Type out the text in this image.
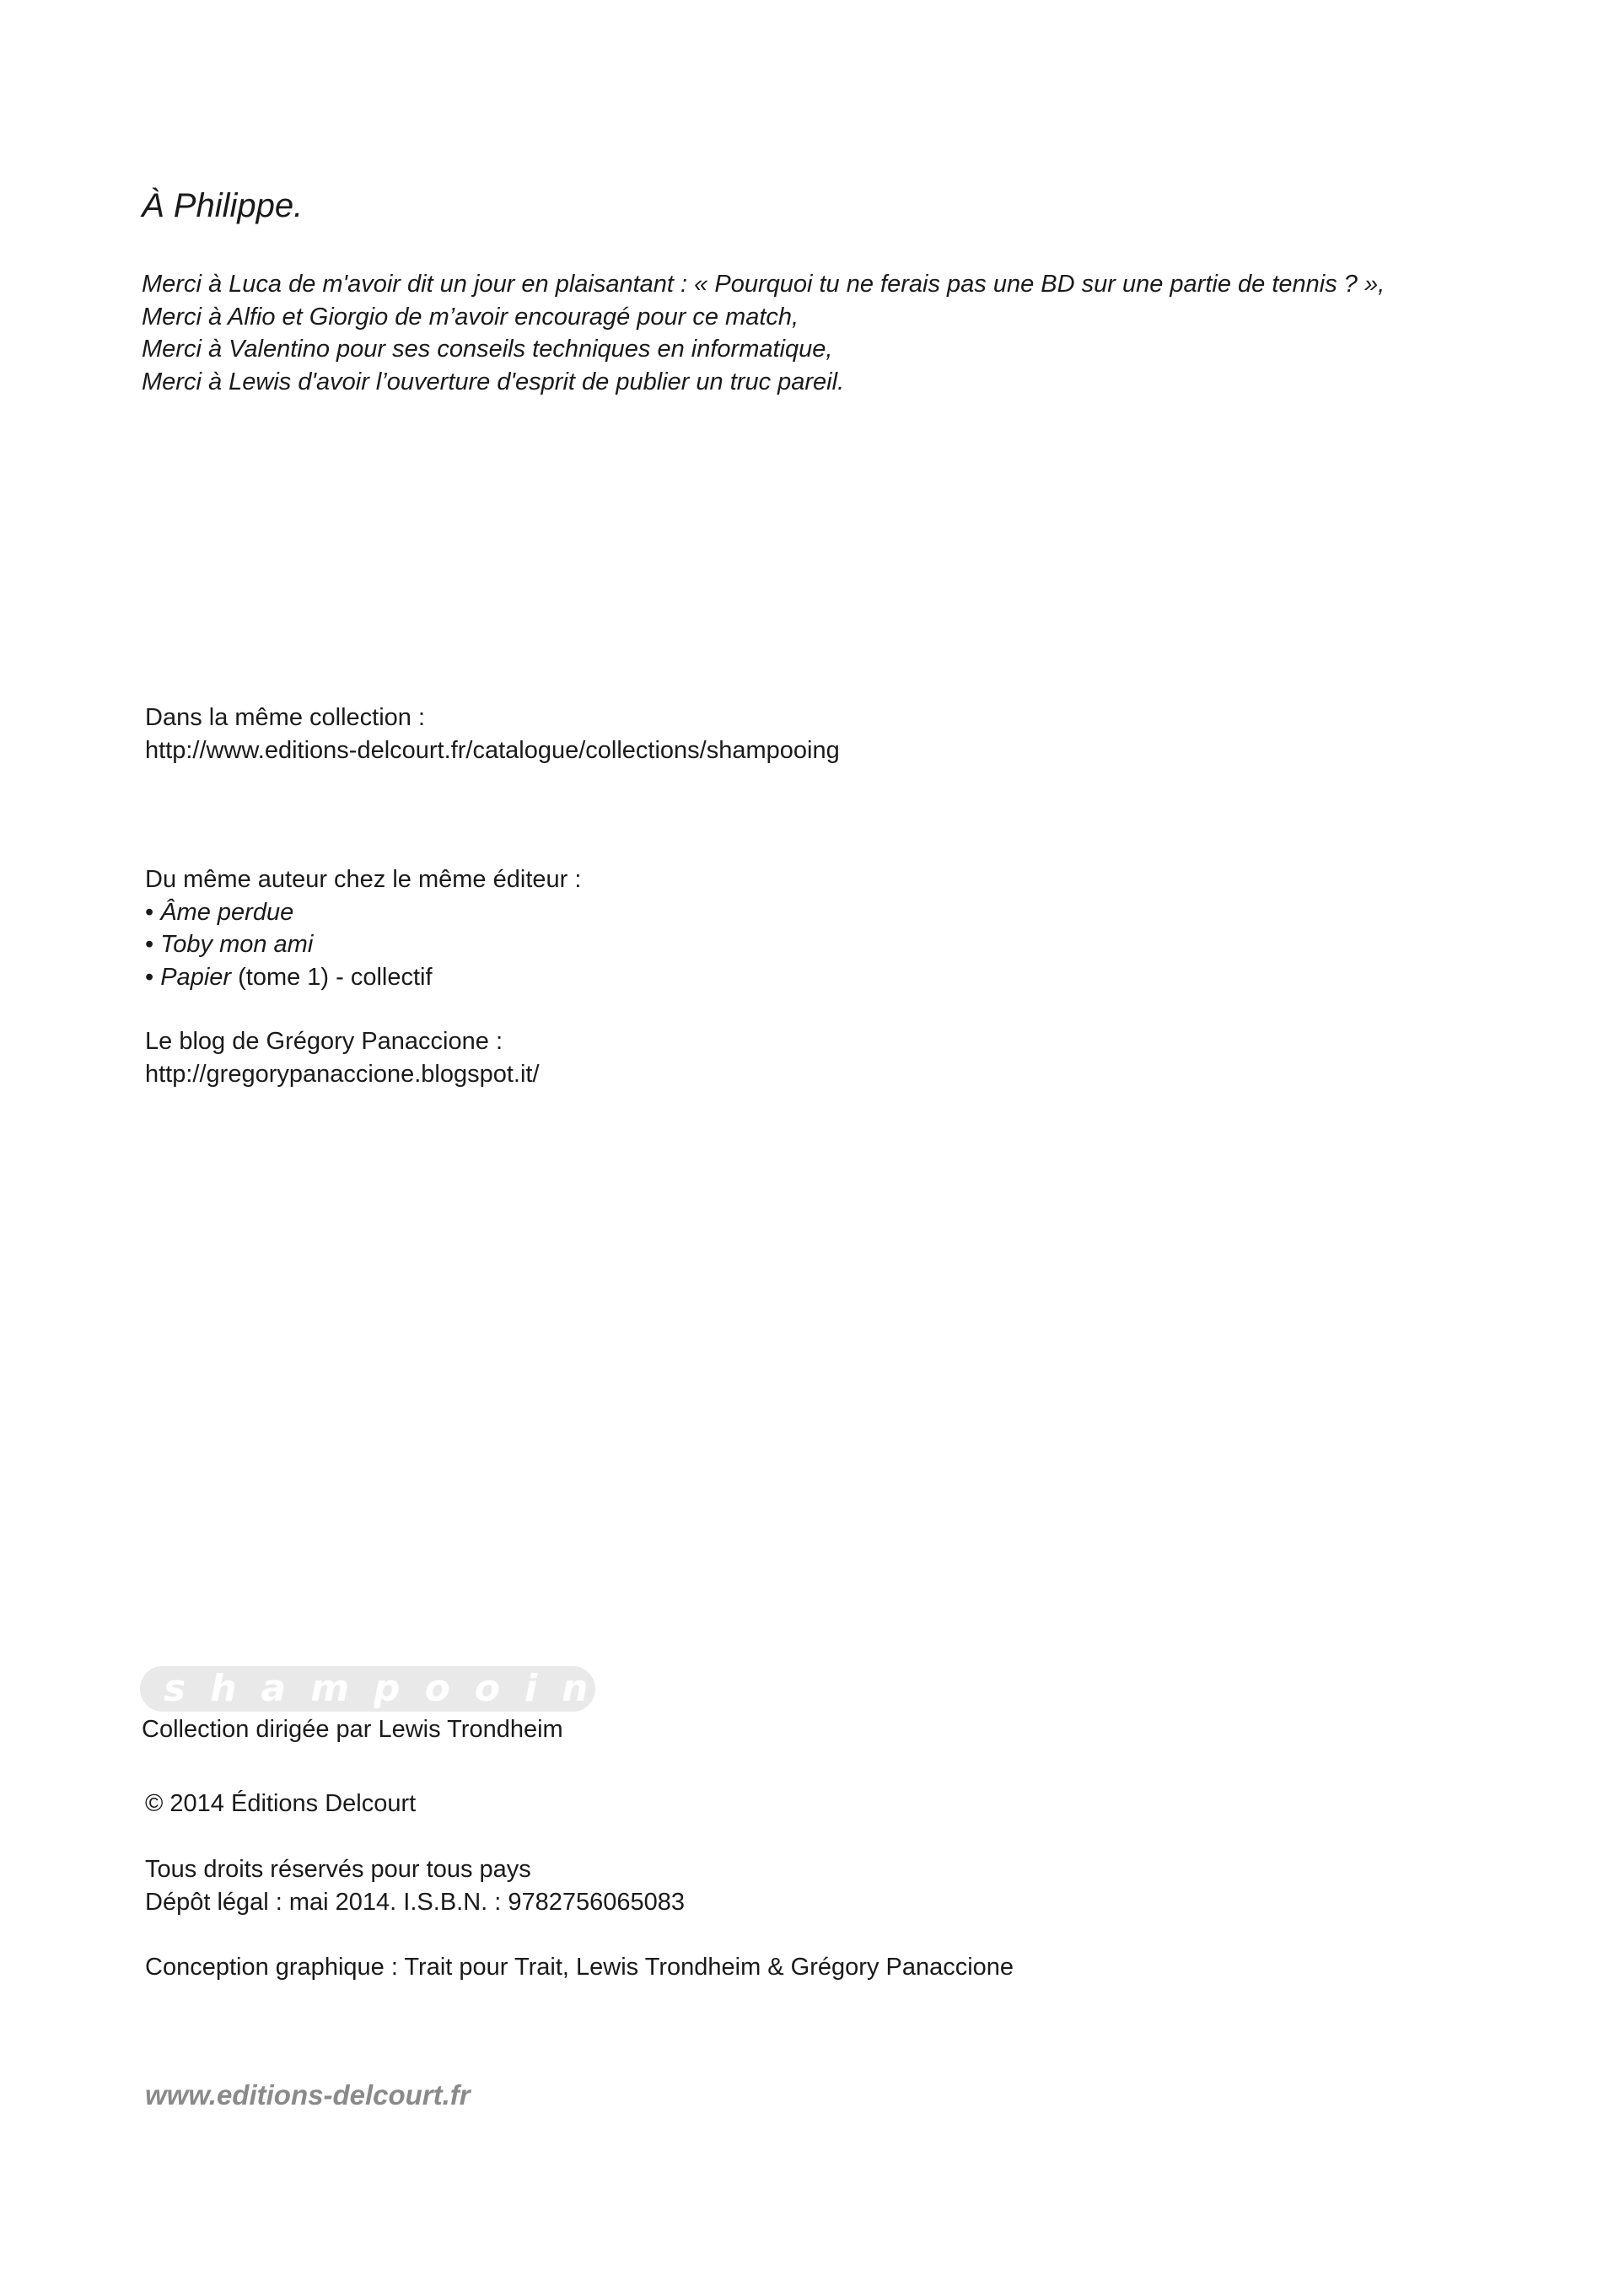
À Philippe.
Merci à Luca de m'avoir dit un jour en plaisantant : « Pourquoi tu ne ferais pas une BD sur une partie de tennis ? »,
Merci à Alfio et Giorgio de m’avoir encouragé pour ce match,
Merci à Valentino pour ses conseils techniques en informatique,
Merci à Lewis d'avoir l’ouverture d'esprit de publier un truc pareil.
Dans la même collection :
http://www.editions-delcourt.fr/catalogue/collections/shampooing
Du même auteur chez le même éditeur :
• Âme perdue
• Toby mon ami
• Papier (tome 1) - collectif
Le blog de Grégory Panaccione :
http://gregorypanaccione.blogspot.it/
shampooing
Collection dirigée par Lewis Trondheim
© 2014 Éditions Delcourt
Tous droits réservés pour tous pays
Dépôt légal : mai 2014. I.S.B.N. : 9782756065083
Conception graphique : Trait pour Trait, Lewis Trondheim & Grégory Panaccione
www.editions-delcourt.fr
